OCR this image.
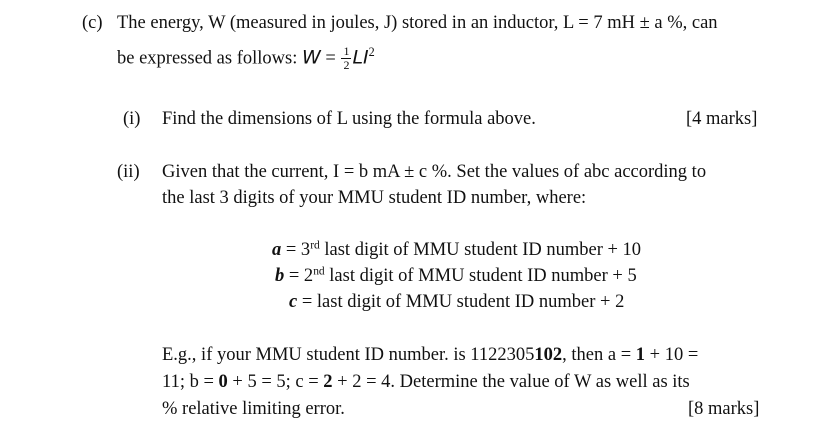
(c) The energy, W (measured in joules, J) stored in an inductor, L = 7 mH ± a %, can
be expressed as follows: $W = \frac{1}{2} LI^2$
(i) Find the dimensions of L using the formula above.	[4 marks]
(ii) Given that the current, I = b mA ± c %. Set the values of abc according to
the last 3 digits of your MMU student ID number, where:
a = 3rd last digit of MMU student ID number + 10
b = 2nd last digit of MMU student ID number + 5
c = last digit of MMU student ID number + 2
E.g., if your MMU student ID number. is 1122305102, then a = 1 + 10 =
11; b = 0 + 5 = 5; c = 2 + 2 = 4. Determine the value of W as well as its
% relative limiting error.	[8 marks]
